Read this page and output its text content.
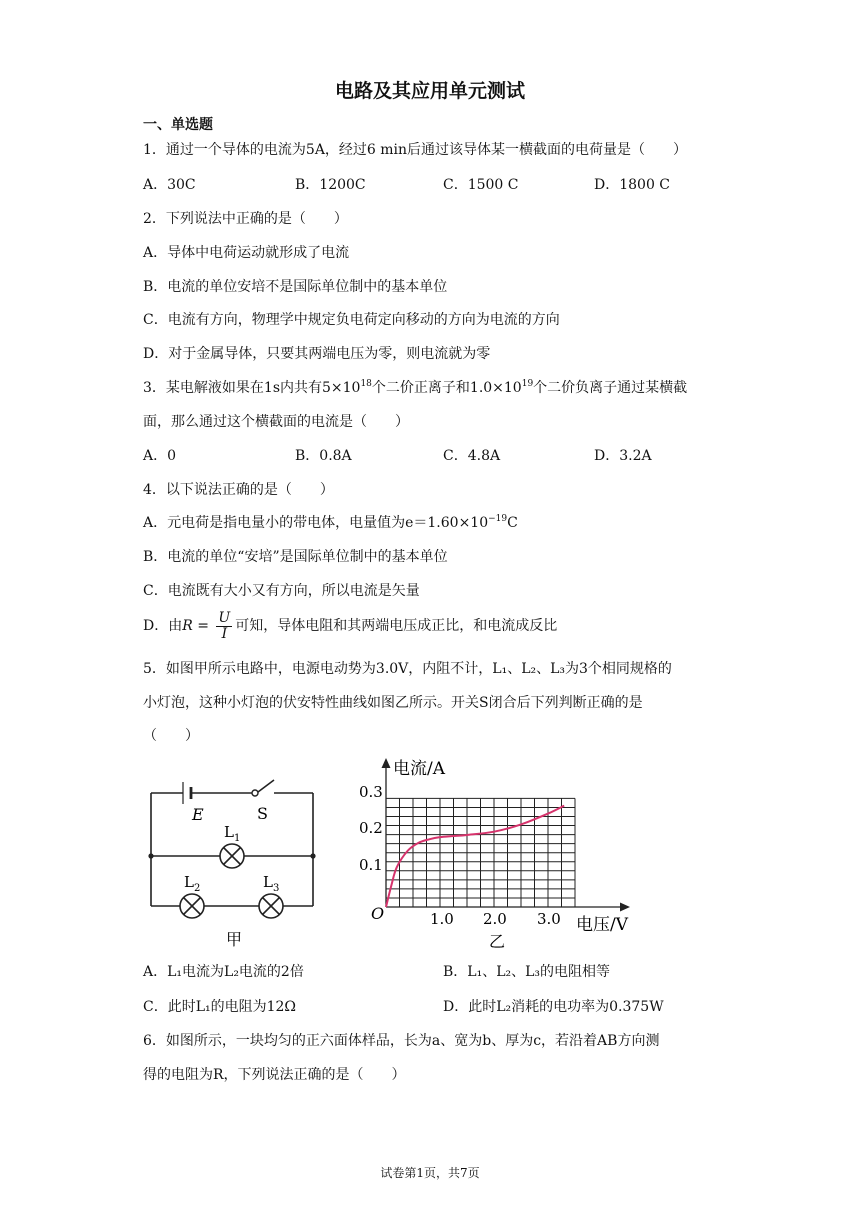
电路及其应用单元测试
一、单选题
1．通过一个导体的电流为5A，经过6 min后通过该导体某一横截面的电荷量是（　　）
A．30C	B．1200C	C．1500 C	D．1800 C
2．下列说法中正确的是（　　）
A．导体中电荷运动就形成了电流
B．电流的单位安培不是国际单位制中的基本单位
C．电流有方向，物理学中规定负电荷定向移动的方向为电流的方向
D．对于金属导体，只要其两端电压为零，则电流就为零
3．某电解液如果在1s内共有$5\times 10^{18}$个二价正离子和$1.0\times 10^{19}$个二价负离子通过某横截
面，那么通过这个横截面的电流是（　　）
A．0	B．0.8A	C．4.8A	D．3.2A
4．以下说法正确的是（　　）
A．元电荷是指电量小的带电体，电量值为$e=1.60\times 10^{-19}C$
B．电流的单位“安培”是国际单位制中的基本单位
C．电流既有大小又有方向，所以电流是矢量
D．由$R = \frac{U}{I}$ 可知，导体电阻和其两端电压成正比，和电流成反比
5．如图甲所示电路中，电源电动势为3.0V，内阻不计，L₁、L₂、L₃为3个相同规格的
小灯泡，这种小灯泡的伏安特性曲线如图乙所示。开关S闭合后下列判断正确的是
（　　）
E	S
$L_1$
$L_2$	$L_3$
甲
电流/A
电压/V
O
0.1
0.2
0.3
1.0 2.0 3.0
乙
A．L₁电流为L₂电流的2倍	B．L₁、L₂、L₃的电阻相等
C．此时L₁的电阻为12Ω	D．此时L₂消耗的电功率为0.375W
6．如图所示，一块均匀的正六面体样品，长为a、宽为b、厚为c，若沿着AB方向测
得的电阻为R，下列说法正确的是（　　）
试卷第1页，共7页
